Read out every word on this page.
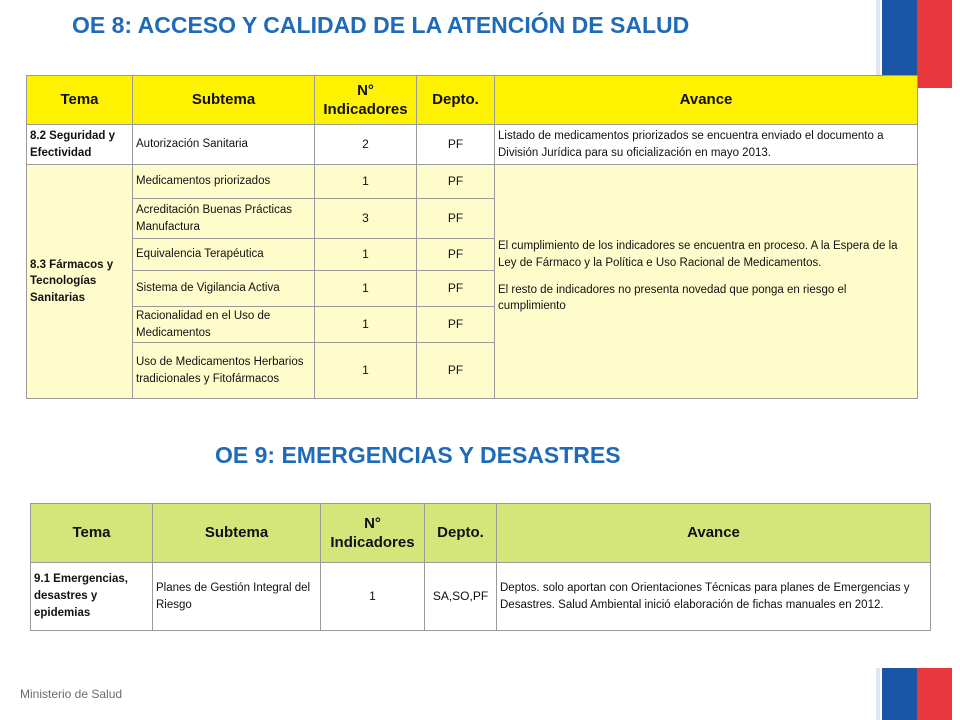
OE 8: ACCESO Y CALIDAD DE LA ATENCIÓN DE SALUD
Tema	Subtema	N° Indicadores	Depto.	Avance
8.2 Seguridad y Efectividad	Autorización Sanitaria	2	PF	Listado de medicamentos priorizados se encuentra enviado el documento a División Jurídica para su oficialización en mayo 2013.
8.3 Fármacos y Tecnologías Sanitarias	Medicamentos priorizados	1	PF	El cumplimiento de los indicadores se encuentra en proceso. A la Espera de la Ley de Fármaco y la Política e Uso Racional de Medicamentos.

El resto de indicadores no presenta novedad que ponga en riesgo el cumplimiento

	Acreditación Buenas Prácticas Manufactura	3	PF	
	Equivalencia Terapéutica	1	PF	
	Sistema de Vigilancia Activa	1	PF	
	Racionalidad en el Uso de Medicamentos	1	PF	
	Uso de Medicamentos Herbarios tradicionales y Fitofármacos	1	PF	
OE 9: EMERGENCIAS Y DESASTRES
Tema	Subtema	N° Indicadores	Depto.	Avance
9.1 Emergencias, desastres y epidemias	Planes de Gestión Integral del Riesgo	1	SA,SO,PF	Deptos. solo aportan con Orientaciones Técnicas para planes de Emergencias y Desastres. Salud Ambiental inició elaboración de fichas manuales en 2012.
Ministerio de Salud
